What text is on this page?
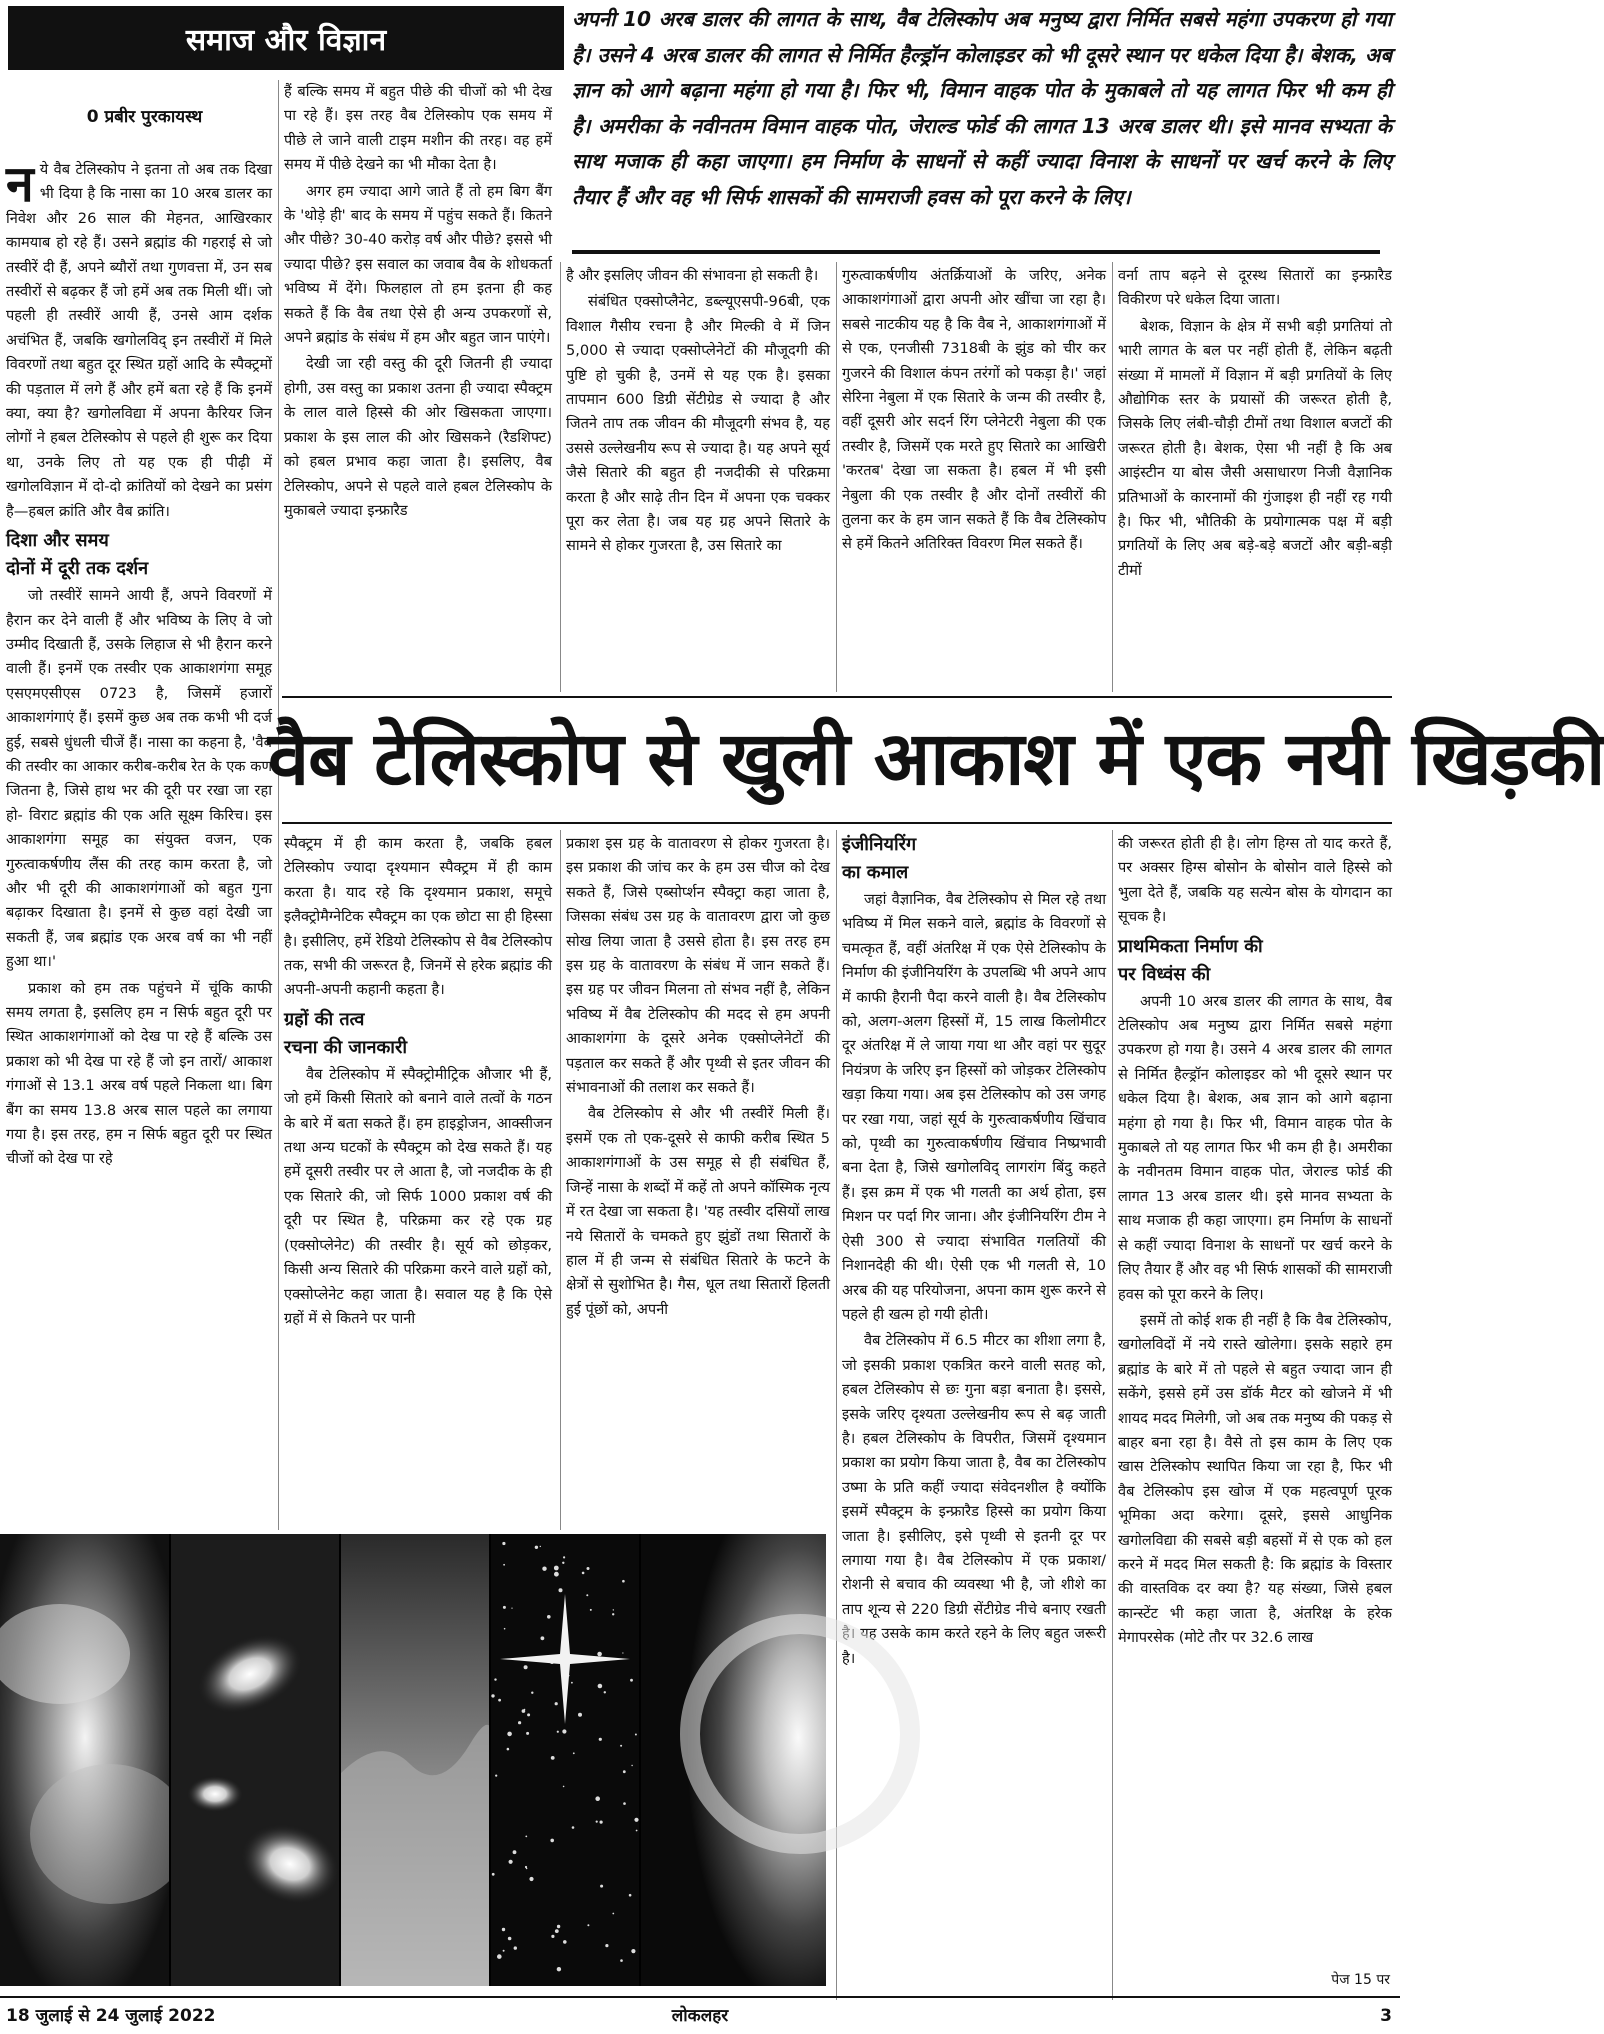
समाज और विज्ञान
अपनी 10 अरब डालर की लागत के साथ, वैब टेलिस्कोप अब मनुष्य द्वारा निर्मित सबसे महंगा उपकरण हो गया है। उसने 4 अरब डालर की लागत से निर्मित हैल्ड्रॉन कोलाइडर को भी दूसरे स्थान पर धकेल दिया है। बेशक, अब ज्ञान को आगे बढ़ाना महंगा हो गया है। फिर भी, विमान वाहक पोत के मुकाबले तो यह लागत फिर भी कम ही है। अमरीका के नवीनतम विमान वाहक पोत, जेराल्ड फोर्ड की लागत 13 अरब डालर थी। इसे मानव सभ्यता के साथ मजाक ही कहा जाएगा। हम निर्माण के साधनों से कहीं ज्यादा विनाश के साधनों पर खर्च करने के लिए तैयार हैं और वह भी सिर्फ शासकों की सामराजी हवस को पूरा करने के लिए।
0 प्रबीर पुरकायस्थ

नये वैब टेलिस्कोप ने इतना तो अब तक दिखा भी दिया है कि नासा का 10 अरब डालर का निवेश और 26 साल की मेहनत, आखिरकार कामयाब हो रहे हैं। उसने ब्रह्मांड की गहराई से जो तस्वीरें दी हैं, अपने ब्यौरों तथा गुणवत्ता में, उन सब तस्वीरों से बढ़कर हैं जो हमें अब तक मिली थीं। जो पहली ही तस्वीरें आयी हैं, उनसे आम दर्शक अचंभित हैं, जबकि खगोलविद् इन तस्वीरों में मिले विवरणों तथा बहुत दूर स्थित ग्रहों आदि के स्पैक्ट्रमों की पड़ताल में लगे हैं और हमें बता रहे हैं कि इनमें क्या, क्या है? खगोलविद्या में अपना कैरियर जिन लोगों ने हबल टेलिस्कोप से पहले ही शुरू कर दिया था, उनके लिए तो यह एक ही पीढ़ी में खगोलविज्ञान में दो-दो क्रांतियों को देखने का प्रसंग है—हबल क्रांति और वैब क्रांति।

दिशा और समय
दोनों में दूरी तक दर्शन

जो तस्वीरें सामने आयी हैं, अपने विवरणों में हैरान कर देने वाली हैं और भविष्य के लिए वे जो उम्मीद दिखाती हैं, उसके लिहाज से भी हैरान करने वाली हैं। इनमें एक तस्वीर एक आकाशगंगा समूह एसएमएसीएस 0723 है, जिसमें हजारों आकाशगंगाएं हैं। इसमें कुछ अब तक कभी भी दर्ज हुई, सबसे धुंधली चीजें हैं। नासा का कहना है, 'वैब की तस्वीर का आकार करीब-करीब रेत के एक कण जितना है, जिसे हाथ भर की दूरी पर रखा जा रहा हो- विराट ब्रह्मांड की एक अति सूक्ष्म किरिच। इस आकाशगंगा समूह का संयुक्त वजन, एक गुरुत्वाकर्षणीय लैंस की तरह काम करता है, जो और भी दूरी की आकाशगंगाओं को बहुत गुना बढ़ाकर दिखाता है। इनमें से कुछ वहां देखी जा सकती हैं, जब ब्रह्मांड एक अरब वर्ष का भी नहीं हुआ था।'

प्रकाश को हम तक पहुंचने में चूंकि काफी समय लगता है, इसलिए हम न सिर्फ बहुत दूरी पर स्थित आकाशगंगाओं को देख पा रहे हैं बल्कि उस प्रकाश को भी देख पा रहे हैं जो इन तारों/ आकाश गंगाओं से 13.1 अरब वर्ष पहले निकला था। बिग बैंग का समय 13.8 अरब साल पहले का लगाया गया है। इस तरह, हम न सिर्फ बहुत दूरी पर स्थित चीजों को देख पा रहे

हैं बल्कि समय में बहुत पीछे की चीजों को भी देख पा रहे हैं। इस तरह वैब टेलिस्कोप एक समय में पीछे ले जाने वाली टाइम मशीन की तरह। वह हमें समय में पीछे देखने का भी मौका देता है।

अगर हम ज्यादा आगे जाते हैं तो हम बिग बैंग के 'थोड़े ही' बाद के समय में पहुंच सकते हैं। कितने और पीछे? 30-40 करोड़ वर्ष और पीछे? इससे भी ज्यादा पीछे? इस सवाल का जवाब वैब के शोधकर्ता भविष्य में देंगे। फिलहाल तो हम इतना ही कह सकते हैं कि वैब तथा ऐसे ही अन्य उपकरणों से, अपने ब्रह्मांड के संबंध में हम और बहुत जान पाएंगे।

देखी जा रही वस्तु की दूरी जितनी ही ज्यादा होगी, उस वस्तु का प्रकाश उतना ही ज्यादा स्पैक्ट्रम के लाल वाले हिस्से की ओर खिसकता जाएगा। प्रकाश के इस लाल की ओर खिसकने (रैडशिफ्ट) को हबल प्रभाव कहा जाता है। इसलिए, वैब टेलिस्कोप, अपने से पहले वाले हबल टेलिस्कोप के मुकाबले ज्यादा इन्फ्रारैड

है और इसलिए जीवन की संभावना हो सकती है।

संबंधित एक्सोप्लैनेट, डब्ल्यूएसपी-96बी, एक विशाल गैसीय रचना है और मिल्की वे में जिन 5,000 से ज्यादा एक्सोप्लेनेटों की मौजूदगी की पुष्टि हो चुकी है, उनमें से यह एक है। इसका तापमान 600 डिग्री सेंटीग्रेड से ज्यादा है और जितने ताप तक जीवन की मौजूदगी संभव है, यह उससे उल्लेखनीय रूप से ज्यादा है। यह अपने सूर्य जैसे सितारे की बहुत ही नजदीकी से परिक्रमा करता है और साढ़े तीन दिन में अपना एक चक्कर पूरा कर लेता है। जब यह ग्रह अपने सितारे के सामने से होकर गुजरता है, उस सितारे का

गुरुत्वाकर्षणीय अंतर्क्रियाओं के जरिए, अनेक आकाशगंगाओं द्वारा अपनी ओर खींचा जा रहा है। सबसे नाटकीय यह है कि वैब ने, आकाशगंगाओं में से एक, एनजीसी 7318बी के झुंड को चीर कर गुजरने की विशाल कंपन तरंगों को पकड़ा है।' जहां सेरिना नेबुला में एक सितारे के जन्म की तस्वीर है, वहीं दूसरी ओर सदर्न रिंग प्लेनेटरी नेबुला की एक तस्वीर है, जिसमें एक मरते हुए सितारे का आखिरी 'करतब' देखा जा सकता है। हबल में भी इसी नेबुला की एक तस्वीर है और दोनों तस्वीरों की तुलना कर के हम जान सकते हैं कि वैब टेलिस्कोप से हमें कितने अतिरिक्त विवरण मिल सकते हैं।

वर्ना ताप बढ़ने से दूरस्थ सितारों का इन्फ्रारैड विकीरण परे धकेल दिया जाता।

बेशक, विज्ञान के क्षेत्र में सभी बड़ी प्रगतियां तो भारी लागत के बल पर नहीं होती हैं, लेकिन बढ़ती संख्या में मामलों में विज्ञान में बड़ी प्रगतियों के लिए औद्योगिक स्तर के प्रयासों की जरूरत होती है, जिसके लिए लंबी-चौड़ी टीमों तथा विशाल बजटों की जरूरत होती है। बेशक, ऐसा भी नहीं है कि अब आइंस्टीन या बोस जैसी असाधारण निजी वैज्ञानिक प्रतिभाओं के कारनामों की गुंजाइश ही नहीं रह गयी है। फिर भी, भौतिकी के प्रयोगात्मक पक्ष में बड़ी प्रगतियों के लिए अब बड़े-बड़े बजटों और बड़ी-बड़ी टीमों

वैब टेलिस्कोप से खुली आकाश में एक नयी खिड़की

स्पैक्ट्रम में ही काम करता है, जबकि हबल टेलिस्कोप ज्यादा दृश्यमान स्पैक्ट्रम में ही काम करता है। याद रहे कि दृश्यमान प्रकाश, समूचे इलैक्ट्रोमैग्नेटिक स्पैक्ट्रम का एक छोटा सा ही हिस्सा है। इसीलिए, हमें रेडियो टेलिस्कोप से वैब टेलिस्कोप तक, सभी की जरूरत है, जिनमें से हरेक ब्रह्मांड की अपनी-अपनी कहानी कहता है।

ग्रहों की तत्व
रचना की जानकारी

वैब टेलिस्कोप में स्पैक्ट्रोमीट्रिक औजार भी हैं, जो हमें किसी सितारे को बनाने वाले तत्वों के गठन के बारे में बता सकते हैं। हम हाइड्रोजन, आक्सीजन तथा अन्य घटकों के स्पैक्ट्रम को देख सकते हैं। यह हमें दूसरी तस्वीर पर ले आता है, जो नजदीक के ही एक सितारे की, जो सिर्फ 1000 प्रकाश वर्ष की दूरी पर स्थित है, परिक्रमा कर रहे एक ग्रह (एक्सोप्लेनेट) की तस्वीर है। सूर्य को छोड़कर, किसी अन्य सितारे की परिक्रमा करने वाले ग्रहों को, एक्सोप्लेनेट कहा जाता है। सवाल यह है कि ऐसे ग्रहों में से कितने पर पानी

प्रकाश इस ग्रह के वातावरण से होकर गुजरता है। इस प्रकाश की जांच कर के हम उस चीज को देख सकते हैं, जिसे एब्सोर्प्शन स्पैक्ट्रा कहा जाता है, जिसका संबंध उस ग्रह के वातावरण द्वारा जो कुछ सोख लिया जाता है उससे होता है। इस तरह हम इस ग्रह के वातावरण के संबंध में जान सकते हैं। इस ग्रह पर जीवन मिलना तो संभव नहीं है, लेकिन भविष्य में वैब टेलिस्कोप की मदद से हम अपनी आकाशगंगा के दूसरे अनेक एक्सोप्लेनेटों की पड़ताल कर सकते हैं और पृथ्वी से इतर जीवन की संभावनाओं की तलाश कर सकते हैं।

वैब टेलिस्कोप से और भी तस्वीरें मिली हैं। इसमें एक तो एक-दूसरे से काफी करीब स्थित 5 आकाशगंगाओं के उस समूह से ही संबंधित हैं, जिन्हें नासा के शब्दों में कहें तो अपने कॉस्मिक नृत्य में रत देखा जा सकता है। 'यह तस्वीर दसियों लाख नये सितारों के चमकते हुए झुंडों तथा सितारों के हाल में ही जन्म से संबंधित सितारे के फटने के क्षेत्रों से सुशोभित है। गैस, धूल तथा सितारों हिलती हुई पूंछों को, अपनी

इंजीनियरिंग
का कमाल

जहां वैज्ञानिक, वैब टेलिस्कोप से मिल रहे तथा भविष्य में मिल सकने वाले, ब्रह्मांड के विवरणों से चमत्कृत हैं, वहीं अंतरिक्ष में एक ऐसे टेलिस्कोप के निर्माण की इंजीनियरिंग के उपलब्धि भी अपने आप में काफी हैरानी पैदा करने वाली है। वैब टेलिस्कोप को, अलग-अलग हिस्सों में, 15 लाख किलोमीटर दूर अंतरिक्ष में ले जाया गया था और वहां पर सुदूर नियंत्रण के जरिए इन हिस्सों को जोड़कर टेलिस्कोप खड़ा किया गया। अब इस टेलिस्कोप को उस जगह पर रखा गया, जहां सूर्य के गुरुत्वाकर्षणीय खिंचाव को, पृथ्वी का गुरुत्वाकर्षणीय खिंचाव निष्प्रभावी बना देता है, जिसे खगोलविद् लागरांग बिंदु कहते हैं। इस क्रम में एक भी गलती का अर्थ होता, इस मिशन पर पर्दा गिर जाना। और इंजीनियरिंग टीम ने ऐसी 300 से ज्यादा संभावित गलतियों की निशानदेही की थी। ऐसी एक भी गलती से, 10 अरब की यह परियोजना, अपना काम शुरू करने से पहले ही खत्म हो गयी होती।

वैब टेलिस्कोप में 6.5 मीटर का शीशा लगा है, जो इसकी प्रकाश एकत्रित करने वाली सतह को, हबल टेलिस्कोप से छः गुना बड़ा बनाता है। इससे, इसके जरिए दृश्यता उल्लेखनीय रूप से बढ़ जाती है। हबल टेलिस्कोप के विपरीत, जिसमें दृश्यमान प्रकाश का प्रयोग किया जाता है, वैब का टेलिस्कोप उष्मा के प्रति कहीं ज्यादा संवेदनशील है क्योंकि इसमें स्पैक्ट्रम के इन्फ्रारैड हिस्से का प्रयोग किया जाता है। इसीलिए, इसे पृथ्वी से इतनी दूर पर लगाया गया है। वैब टेलिस्कोप में एक प्रकाश/रोशनी से बचाव की व्यवस्था भी है, जो शीशे का ताप शून्य से 220 डिग्री सेंटीग्रेड नीचे बनाए रखती है। यह उसके काम करते रहने के लिए बहुत जरूरी है।

की जरूरत होती ही है। लोग हिग्स तो याद करते हैं, पर अक्सर हिग्स बोसोन के बोसोन वाले हिस्से को भुला देते हैं, जबकि यह सत्येन बोस के योगदान का सूचक है।

प्राथमिकता निर्माण की
पर विध्वंस की

अपनी 10 अरब डालर की लागत के साथ, वैब टेलिस्कोप अब मनुष्य द्वारा निर्मित सबसे महंगा उपकरण हो गया है। उसने 4 अरब डालर की लागत से निर्मित हैल्ड्रॉन कोलाइडर को भी दूसरे स्थान पर धकेल दिया है। बेशक, अब ज्ञान को आगे बढ़ाना महंगा हो गया है। फिर भी, विमान वाहक पोत के मुकाबले तो यह लागत फिर भी कम ही है। अमरीका के नवीनतम विमान वाहक पोत, जेराल्ड फोर्ड की लागत 13 अरब डालर थी। इसे मानव सभ्यता के साथ मजाक ही कहा जाएगा। हम निर्माण के साधनों से कहीं ज्यादा विनाश के साधनों पर खर्च करने के लिए तैयार हैं और वह भी सिर्फ शासकों की सामराजी हवस को पूरा करने के लिए।

इसमें तो कोई शक ही नहीं है कि वैब टेलिस्कोप, खगोलविदों में नये रास्ते खोलेगा। इसके सहारे हम ब्रह्मांड के बारे में तो पहले से बहुत ज्यादा जान ही सकेंगे, इससे हमें उस डॉर्क मैटर को खोजने में भी शायद मदद मिलेगी, जो अब तक मनुष्य की पकड़ से बाहर बना रहा है। वैसे तो इस काम के लिए एक खास टेलिस्कोप स्थापित किया जा रहा है, फिर भी वैब टेलिस्कोप इस खोज में एक महत्वपूर्ण पूरक भूमिका अदा करेगा। दूसरे, इससे आधुनिक खगोलविद्या की सबसे बड़ी बहसों में से एक को हल करने में मदद मिल सकती है: कि ब्रह्मांड के विस्तार की वास्तविक दर क्या है? यह संख्या, जिसे हबल कान्स्टेंट भी कहा जाता है, अंतरिक्ष के हरेक मेगापरसेक (मोटे तौर पर 32.6 लाख

पेज 15 पर
18 जुलाई से 24 जुलाई 2022	लोकलहर	3
